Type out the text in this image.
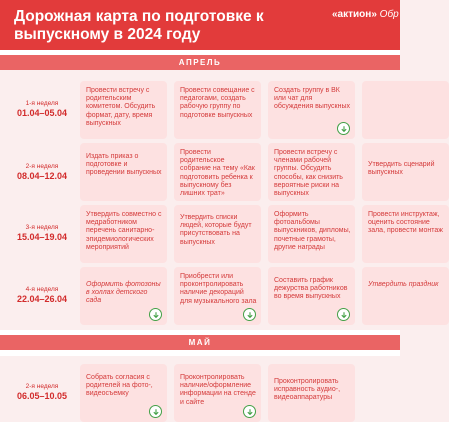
Дорожная карта по подготовке к выпускному в 2024 году
«актион» Обр
АПРЕЛЬ
МАЙ
1-я неделя
01.04–05.04
2-я неделя
08.04–12.04
3-я неделя
15.04–19.04
4-я неделя
22.04–26.04
2-я неделя
06.05–10.05
Провести встречу с родительским комитетом. Обсудить формат, дату, время выпускных
Провести совещание с педагогами, создать рабочую группу по подготовке выпускных
Создать группу в ВК или чат для обсуждения выпускных
Издать приказ о подготовке и проведении выпускных
Провести родительское собрание на тему «Как подготовить ребенка к выпускному без лишних трат»
Провести встречу с членами рабочей группы. Обсудить способы, как снизить вероятные риски на выпускных
Утвердить сценарий выпускных
Утвердить совместно с медработником перечень санитарно-эпидемиологических мероприятий
Утвердить списки людей, которые будут присутствовать на выпускных
Оформить фотоальбомы выпускников, дипломы, почетные грамоты, другие награды
Провести инструктаж, оценить состояние зала, провести монтаж
Оформить фотозоны в холлах детского сада
Приобрести или проконтролировать наличие декораций для музыкального зала
Составить график дежурства работников во время выпускных
Утвердить праздник
Собрать согласия с родителей на фото-, видеосъемку
Проконтролировать наличие/оформление информации на стенде и сайте
Проконтролировать исправность аудио-, видеоаппаратуры
